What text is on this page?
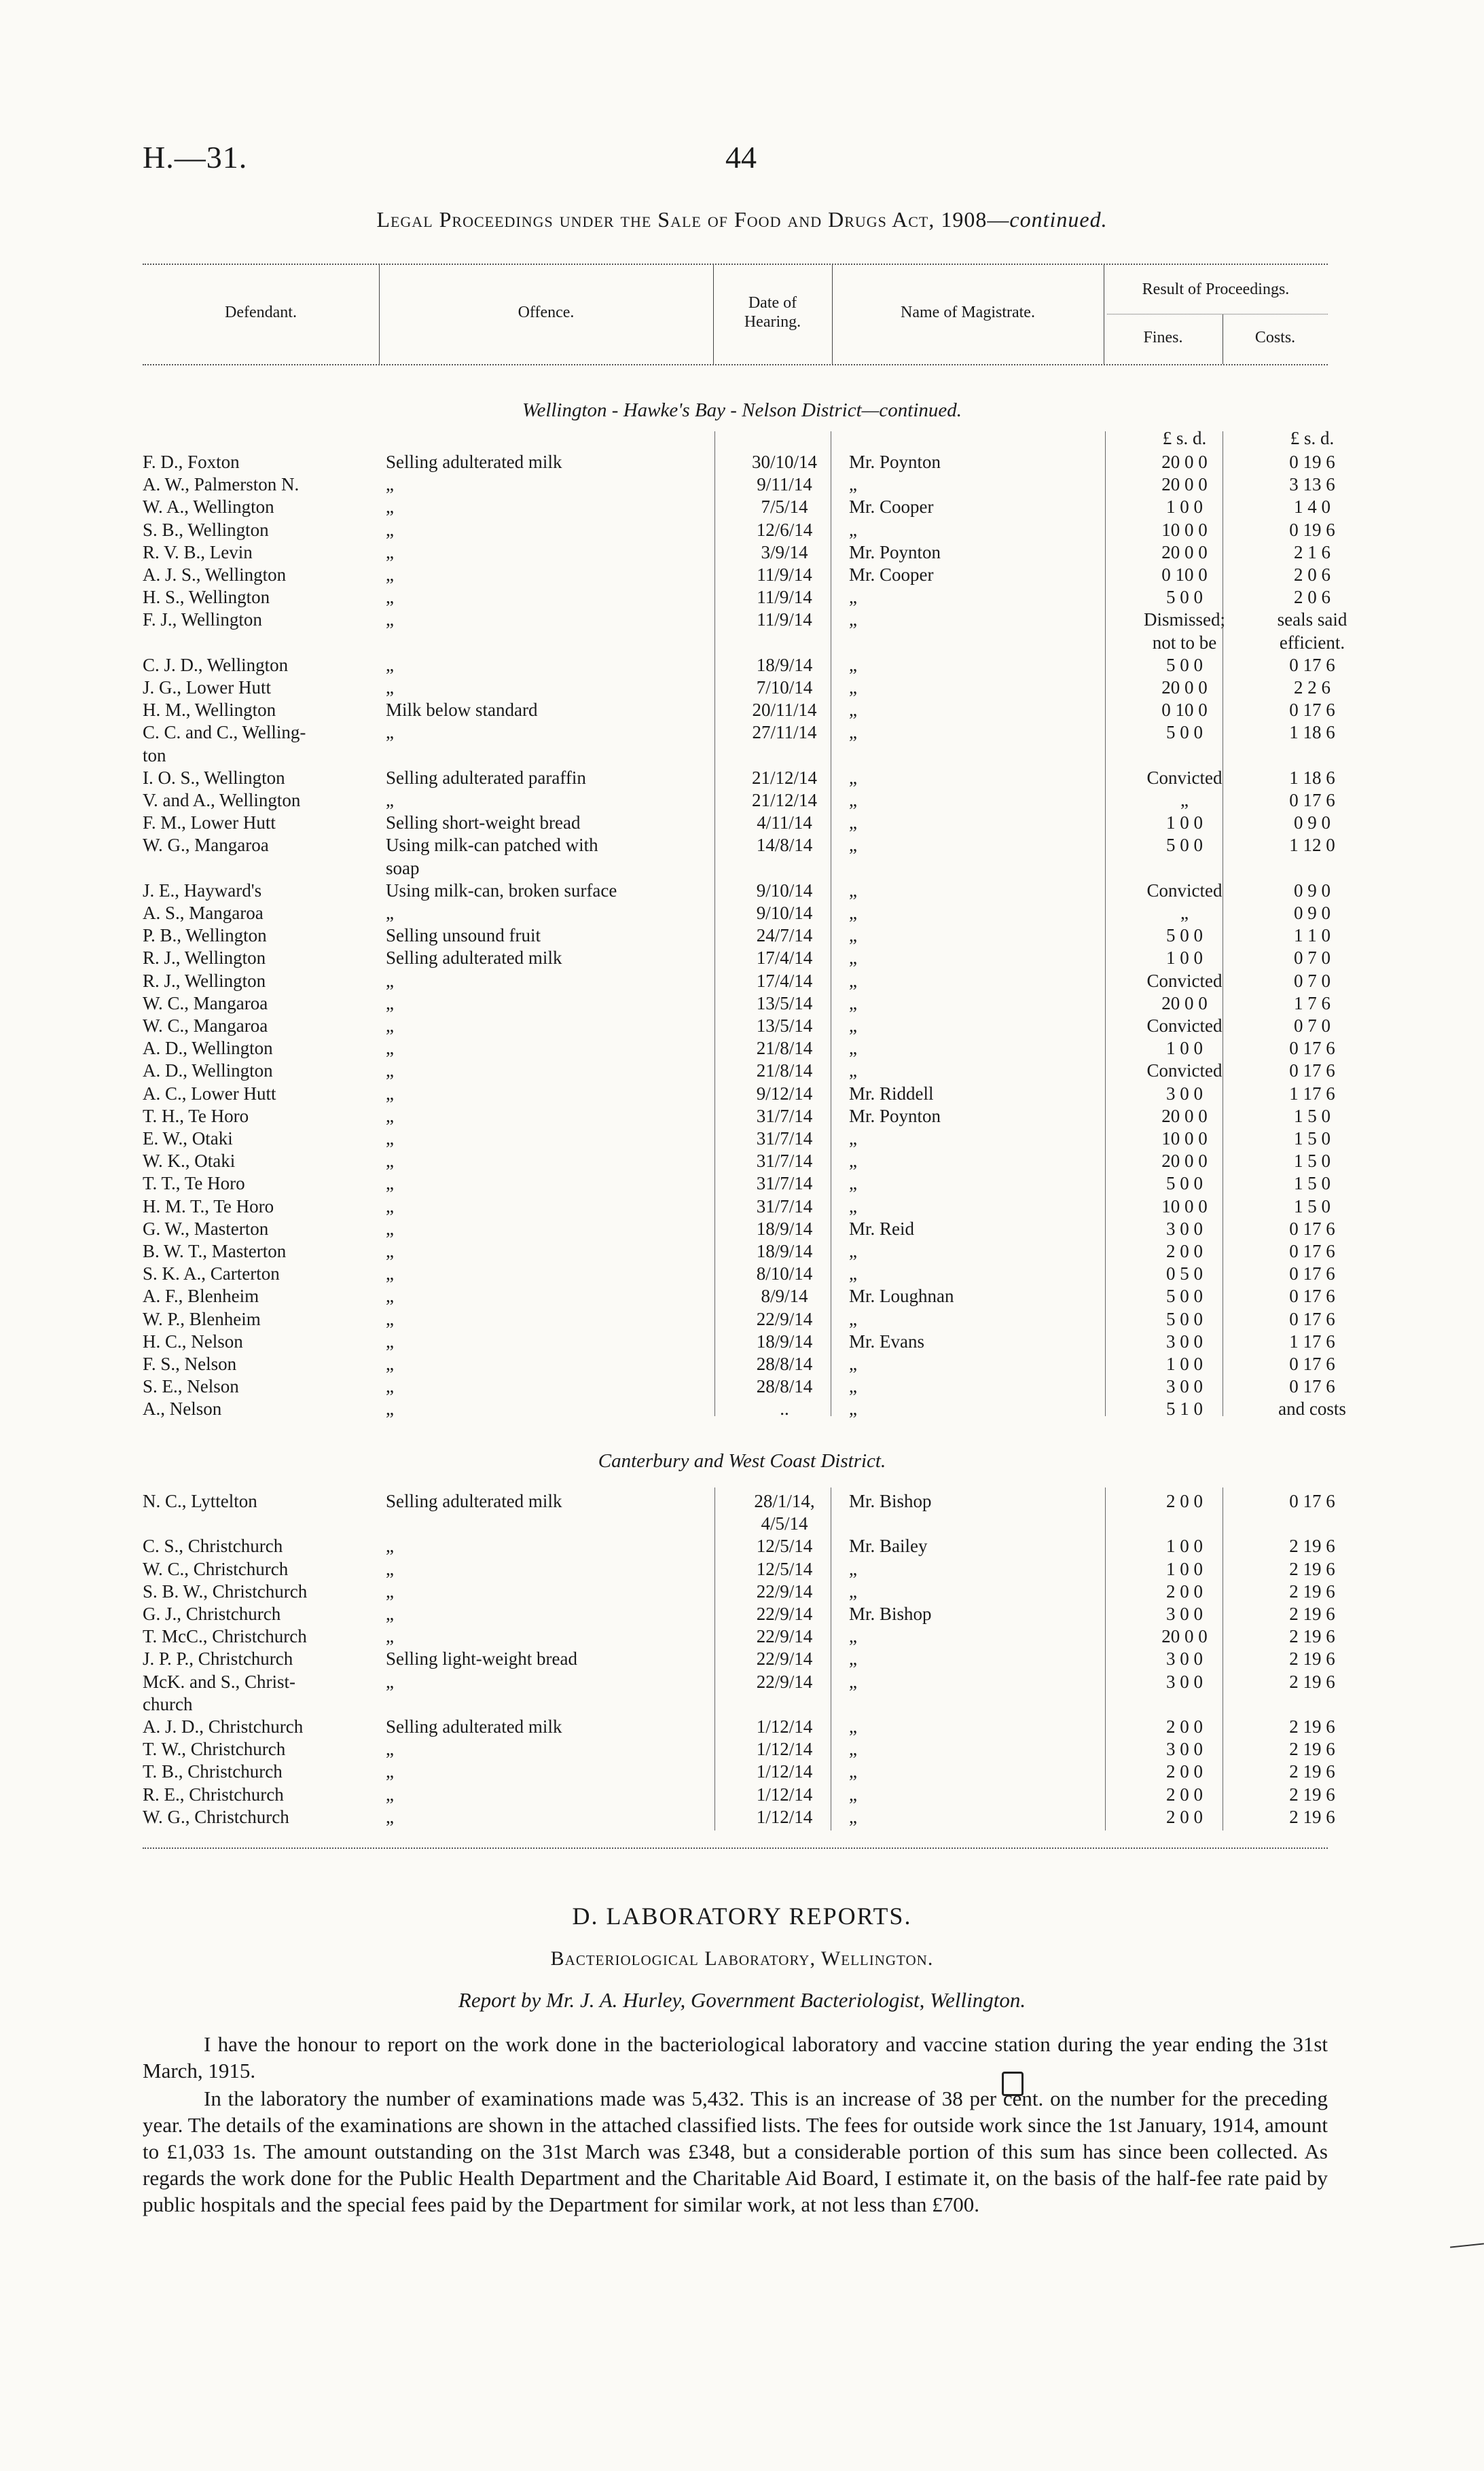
H.—31.	44
Legal Proceedings under the Sale of Food and Drugs Act, 1908—continued.
Defendant.	Offence.
Date of Hearing.
Name of Magistrate.
Result of Proceedings.
Fines.	Costs.
Wellington - Hawke's Bay - Nelson District—continued.
£ s. d.	£ s. d.
F. D., Foxton	Selling adulterated milk	30/10/14	Mr. Poynton	20 0 0	0 19 6
A. W., Palmerston N.	„	9/11/14	„	20 0 0	3 13 6
W. A., Wellington	„	7/5/14	Mr. Cooper	1 0 0	1 4 0
S. B., Wellington	„	12/6/14	„	10 0 0	0 19 6
R. V. B., Levin	„	3/9/14	Mr. Poynton	20 0 0	2 1 6
A. J. S., Wellington	„	11/9/14	Mr. Cooper	0 10 0	2 0 6
H. S., Wellington	„	11/9/14	„	5 0 0	2 0 6
F. J., Wellington	„	11/9/14	„	Dismissed;	seals said
not to be	efficient.
C. J. D., Wellington	„	18/9/14	„	5 0 0	0 17 6
J. G., Lower Hutt	„	7/10/14	„	20 0 0	2 2 6
H. M., Wellington	Milk below standard	20/11/14	„	0 10 0	0 17 6
C. C. and C., Welling-	„	27/11/14	„	5 0 0	1 18 6
ton
I. O. S., Wellington	Selling adulterated paraffin	21/12/14	„	Convicted	1 18 6
V. and A., Wellington	„	21/12/14	„	„	0 17 6
F. M., Lower Hutt	Selling short-weight bread	4/11/14	„	1 0 0	0 9 0
W. G., Mangaroa	Using milk-can patched with	14/8/14	„	5 0 0	1 12 0
soap
J. E., Hayward's	Using milk-can, broken surface	9/10/14	„	Convicted	0 9 0
A. S., Mangaroa	„	9/10/14	„	„	0 9 0
P. B., Wellington	Selling unsound fruit	24/7/14	„	5 0 0	1 1 0
R. J., Wellington	Selling adulterated milk	17/4/14	„	1 0 0	0 7 0
R. J., Wellington	„	17/4/14	„	Convicted	0 7 0
W. C., Mangaroa	„	13/5/14	„	20 0 0	1 7 6
W. C., Mangaroa	„	13/5/14	„	Convicted	0 7 0
A. D., Wellington	„	21/8/14	„	1 0 0	0 17 6
A. D., Wellington	„	21/8/14	„	Convicted	0 17 6
A. C., Lower Hutt	„	9/12/14	Mr. Riddell	3 0 0	1 17 6
T. H., Te Horo	„	31/7/14	Mr. Poynton	20 0 0	1 5 0
E. W., Otaki	„	31/7/14	„	10 0 0	1 5 0
W. K., Otaki	„	31/7/14	„	20 0 0	1 5 0
T. T., Te Horo	„	31/7/14	„	5 0 0	1 5 0
H. M. T., Te Horo	„	31/7/14	„	10 0 0	1 5 0
G. W., Masterton	„	18/9/14	Mr. Reid	3 0 0	0 17 6
B. W. T., Masterton	„	18/9/14	„	2 0 0	0 17 6
S. K. A., Carterton	„	8/10/14	„	0 5 0	0 17 6
A. F., Blenheim	„	8/9/14	Mr. Loughnan	5 0 0	0 17 6
W. P., Blenheim	„	22/9/14	„	5 0 0	0 17 6
H. C., Nelson	„	18/9/14	Mr. Evans	3 0 0	1 17 6
F. S., Nelson	„	28/8/14	„	1 0 0	0 17 6
S. E., Nelson	„	28/8/14	„	3 0 0	0 17 6
A., Nelson	„	..	„	5 1 0	and costs
Canterbury and West Coast District.
N. C., Lyttelton	Selling adulterated milk	28/1/14,	Mr. Bishop	2 0 0	0 17 6
4/5/14
C. S., Christchurch	„	12/5/14	Mr. Bailey	1 0 0	2 19 6
W. C., Christchurch	„	12/5/14	„	1 0 0	2 19 6
S. B. W., Christchurch	„	22/9/14	„	2 0 0	2 19 6
G. J., Christchurch	„	22/9/14	Mr. Bishop	3 0 0	2 19 6
T. McC., Christchurch	„	22/9/14	„	20 0 0	2 19 6
J. P. P., Christchurch	Selling light-weight bread	22/9/14	„	3 0 0	2 19 6
McK. and S., Christ-	„	22/9/14	„	3 0 0	2 19 6
church
A. J. D., Christchurch	Selling adulterated milk	1/12/14	„	2 0 0	2 19 6
T. W., Christchurch	„	1/12/14	„	3 0 0	2 19 6
T. B., Christchurch	„	1/12/14	„	2 0 0	2 19 6
R. E., Christchurch	„	1/12/14	„	2 0 0	2 19 6
W. G., Christchurch	„	1/12/14	„	2 0 0	2 19 6
D. LABORATORY REPORTS.
Bacteriological Laboratory, Wellington.
Report by Mr. J. A. Hurley, Government Bacteriologist, Wellington.
I have the honour to report on the work done in the bacteriological laboratory and vaccine station during the year ending the 31st March, 1915.
In the laboratory the number of examinations made was 5,432. This is an increase of 38 per cent. on the number for the preceding year. The details of the examinations are shown in the attached classified lists. The fees for outside work since the 1st January, 1914, amount to £1,033 1s. The amount outstanding on the 31st March was £348, but a considerable portion of this sum has since been collected. As regards the work done for the Public Health Department and the Charitable Aid Board, I estimate it, on the basis of the half-fee rate paid by public hospitals and the special fees paid by the Department for similar work, at not less than £700.
